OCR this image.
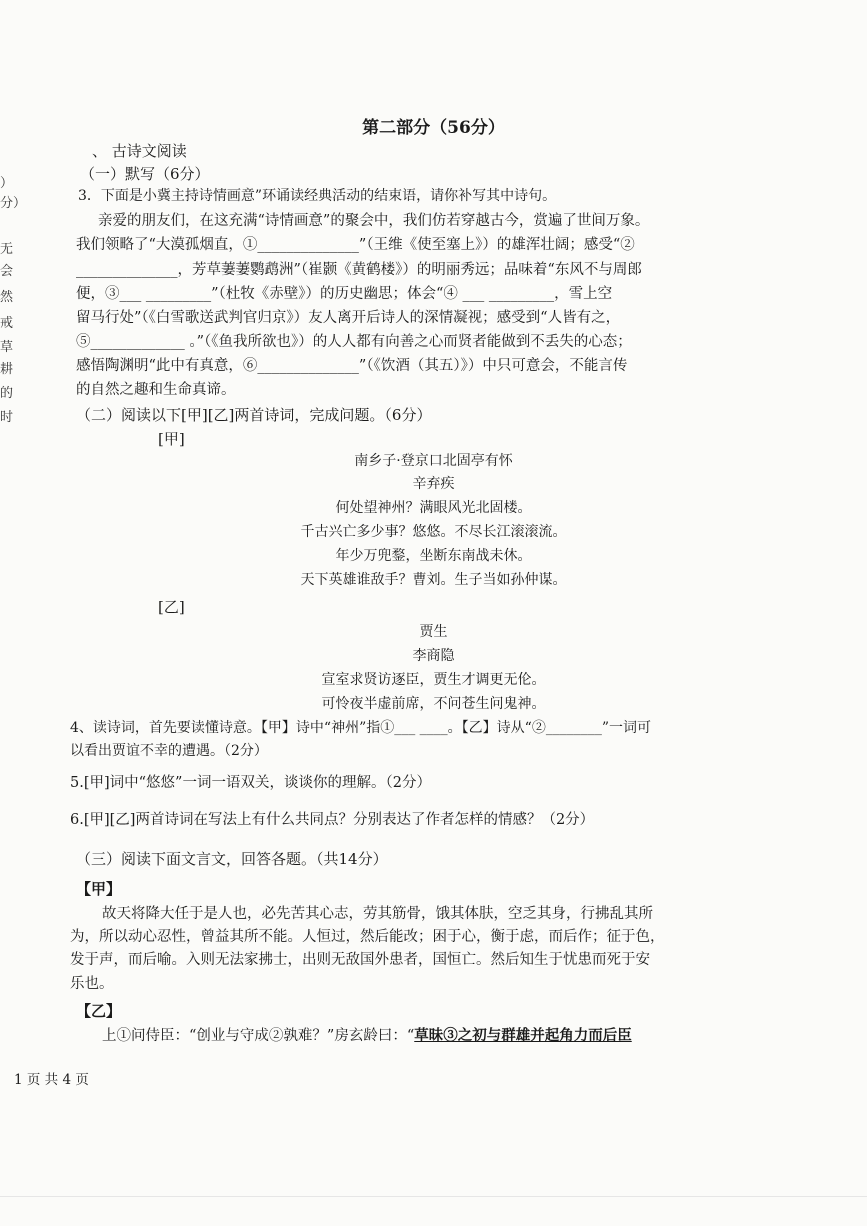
）
分）
无
会
然
戒
草
耕
的
时
第二部分（56分）
、 古诗文阅读
（一）默写（6分）
3．下面是小冀主持诗情画意”环诵读经典活动的结束语，请你补写其中诗句。
亲爱的朋友们，在这充满“诗情画意”的聚会中，我们仿若穿越古今，赏遍了世间万象。
我们领略了“大漠孤烟直，①______________”（王维《使至塞上》）的雄浑壮阔；感受“②
______________，芳草萋萋鹦鹉洲”（崔颢《黄鹤楼》）的明丽秀远；品味着“东风不与周郎
便，③___ _________”（杜牧《赤壁》）的历史幽思；体会“④ ___ _________，雪上空
留马行处”（《白雪歌送武判官归京》）友人离开后诗人的深情凝视；感受到“人皆有之，
⑤_____________ 。”（《鱼我所欲也》）的人人都有向善之心而贤者能做到不丢失的心态；
感悟陶渊明“此中有真意，⑥______________”（《饮酒（其五）》）中只可意会，不能言传
的自然之趣和生命真谛。
（二）阅读以下[甲][乙]两首诗词，完成问题。（6分）
[甲]
南乡子·登京口北固亭有怀
辛弃疾
何处望神州？满眼风光北固楼。
千古兴亡多少事？悠悠。不尽长江滚滚流。
年少万兜鍪，坐断东南战未休。
天下英雄谁敌手？曹刘。生子当如孙仲谋。
[乙]
贾生
李商隐
宣室求贤访逐臣，贾生才调更无伦。
可怜夜半虚前席，不问苍生问鬼神。
4、读诗词，首先要读懂诗意。【甲】诗中“神州”指①___ ____。【乙】诗从“②________”一词可
以看出贾谊不幸的遭遇。（2分）
5.[甲]词中“悠悠”一词一语双关，谈谈你的理解。（2分）
6.[甲][乙]两首诗词在写法上有什么共同点？分别表达了作者怎样的情感？（2分）
（三）阅读下面文言文，回答各题。（共14分）
【甲】
故天将降大任于是人也，必先苦其心志，劳其筋骨，饿其体肤，空乏其身，行拂乱其所
为，所以动心忍性，曾益其所不能。人恒过，然后能改；困于心，衡于虑，而后作；征于色，
发于声，而后喻。入则无法家拂士，出则无敌国外患者，国恒亡。然后知生于忧患而死于安
乐也。
【乙】
上①问侍臣：“创业与守成②孰难？”房玄龄曰：“草昧③之初与群雄并起角力而后臣
1 页 共 4 页
